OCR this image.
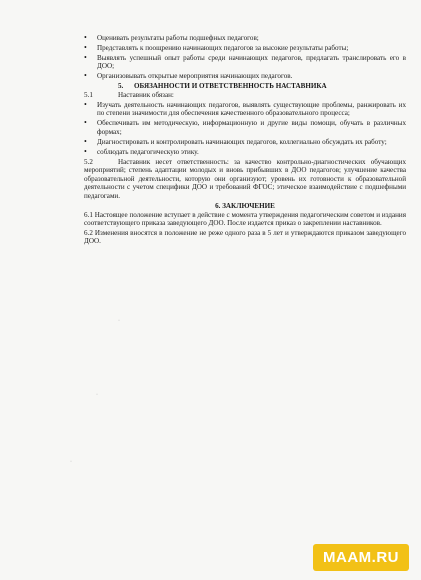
• Оценивать результаты работы подшефных педагогов;
• Представлять к поощрению начинающих педагогов за высокие результаты работы;
• Выявлять успешный опыт работы среди начинающих педагогов, предлагать транслировать его в ДОО;
• Организовывать открытые мероприятия начинающих педагогов.
5. ОБЯЗАННОСТИ И ОТВЕТСТВЕННОСТЬ НАСТАВНИКА
5.1	Наставник обязан:
• Изучать деятельность начинающих педагогов, выявлять существующие проблемы, ранжировать их по степени значимости для обеспечения качественного образовательного процесса;
• Обеспечивать им методическую, информационную и другие виды помощи, обучать в различных формах;
• Диагностировать и контролировать начинающих педагогов, коллегиально обсуждать их работу;
• соблюдать педагогическую этику.
5.2	Наставник несет ответственность: за качество контрольно-диагностических обучающих мероприятий; степень адаптации молодых и вновь прибывших в ДОО педагогов; улучшение качества образовательной деятельности, которую они организуют; уровень их готовности к образовательной деятельности с учетом специфики ДОО и требований ФГОС; этическое взаимодействие с подшефными педагогами.
6. ЗАКЛЮЧЕНИЕ
6.1 Настоящее положение вступает в действие с момента утверждения педагогическим советом и издания соответствующего приказа заведующего ДОО. После издается приказ о закреплении наставников.
6.2 Изменения вносятся в положение не реже одного раза в 5 лет и утверждаются приказом заведующего ДОО.
·
·
·
MAAM.RU
